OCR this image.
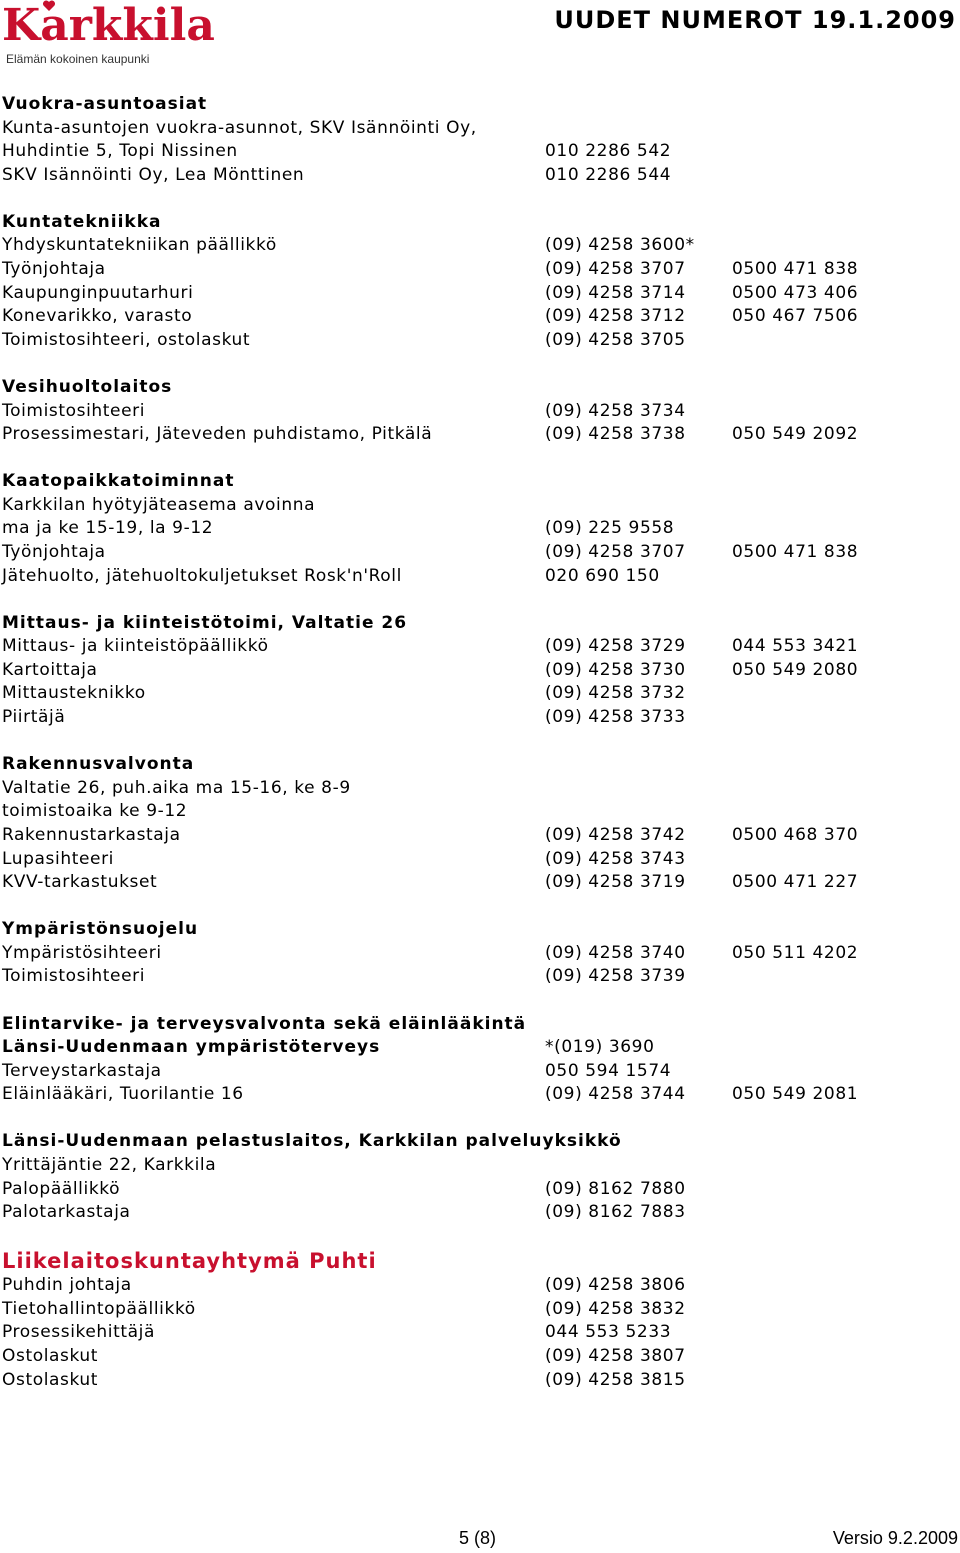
Karkkila
Elämän kokoinen kaupunki
UUDET NUMEROT 19.1.2009
Vuokra-asuntoasiat
Kunta-asuntojen vuokra-asunnot, SKV Isännöinti Oy,
Huhdintie 5, Topi Nissinen	010 2286 542
SKV Isännöinti Oy, Lea Mönttinen	010 2286 544
Kuntatekniikka
Yhdyskuntatekniikan päällikkö	(09) 4258 3600*
Työnjohtaja	(09) 4258 3707	0500 471 838
Kaupunginpuutarhuri	(09) 4258 3714	0500 473 406
Konevarikko, varasto	(09) 4258 3712	050 467 7506
Toimistosihteeri, ostolaskut	(09) 4258 3705
Vesihuoltolaitos
Toimistosihteeri	(09) 4258 3734
Prosessimestari, Jäteveden puhdistamo, Pitkälä	(09) 4258 3738	050 549 2092
Kaatopaikkatoiminnat
Karkkilan hyötyjäteasema avoinna
ma ja ke 15-19, la 9-12	(09) 225 9558
Työnjohtaja	(09) 4258 3707	0500 471 838
Jätehuolto, jätehuoltokuljetukset Rosk'n'Roll	020 690 150
Mittaus- ja kiinteistötoimi, Valtatie 26
Mittaus- ja kiinteistöpäällikkö	(09) 4258 3729	044 553 3421
Kartoittaja	(09) 4258 3730	050 549 2080
Mittausteknikko	(09) 4258 3732
Piirtäjä	(09) 4258 3733
Rakennusvalvonta
Valtatie 26, puh.aika ma 15-16, ke 8-9
toimistoaika ke 9-12
Rakennustarkastaja	(09) 4258 3742	0500 468 370
Lupasihteeri	(09) 4258 3743
KVV-tarkastukset	(09) 4258 3719	0500 471 227
Ympäristönsuojelu
Ympäristösihteeri	(09) 4258 3740	050 511 4202
Toimistosihteeri	(09) 4258 3739
Elintarvike- ja terveysvalvonta sekä eläinlääkintä
Länsi-Uudenmaan ympäristöterveys	*(019) 3690
Terveystarkastaja	050 594 1574
Eläinlääkäri, Tuorilantie 16	(09) 4258 3744	050 549 2081
Länsi-Uudenmaan pelastuslaitos, Karkkilan palveluyksikkö
Yrittäjäntie 22, Karkkila
Palopäällikkö	(09) 8162 7880
Palotarkastaja	(09) 8162 7883
Liikelaitoskuntayhtymä Puhti
Puhdin johtaja	(09) 4258 3806
Tietohallintopäällikkö	(09) 4258 3832
Prosessikehittäjä	044 553 5233
Ostolaskut	(09) 4258 3807
Ostolaskut	(09) 4258 3815
5 (8)	Versio 9.2.2009
